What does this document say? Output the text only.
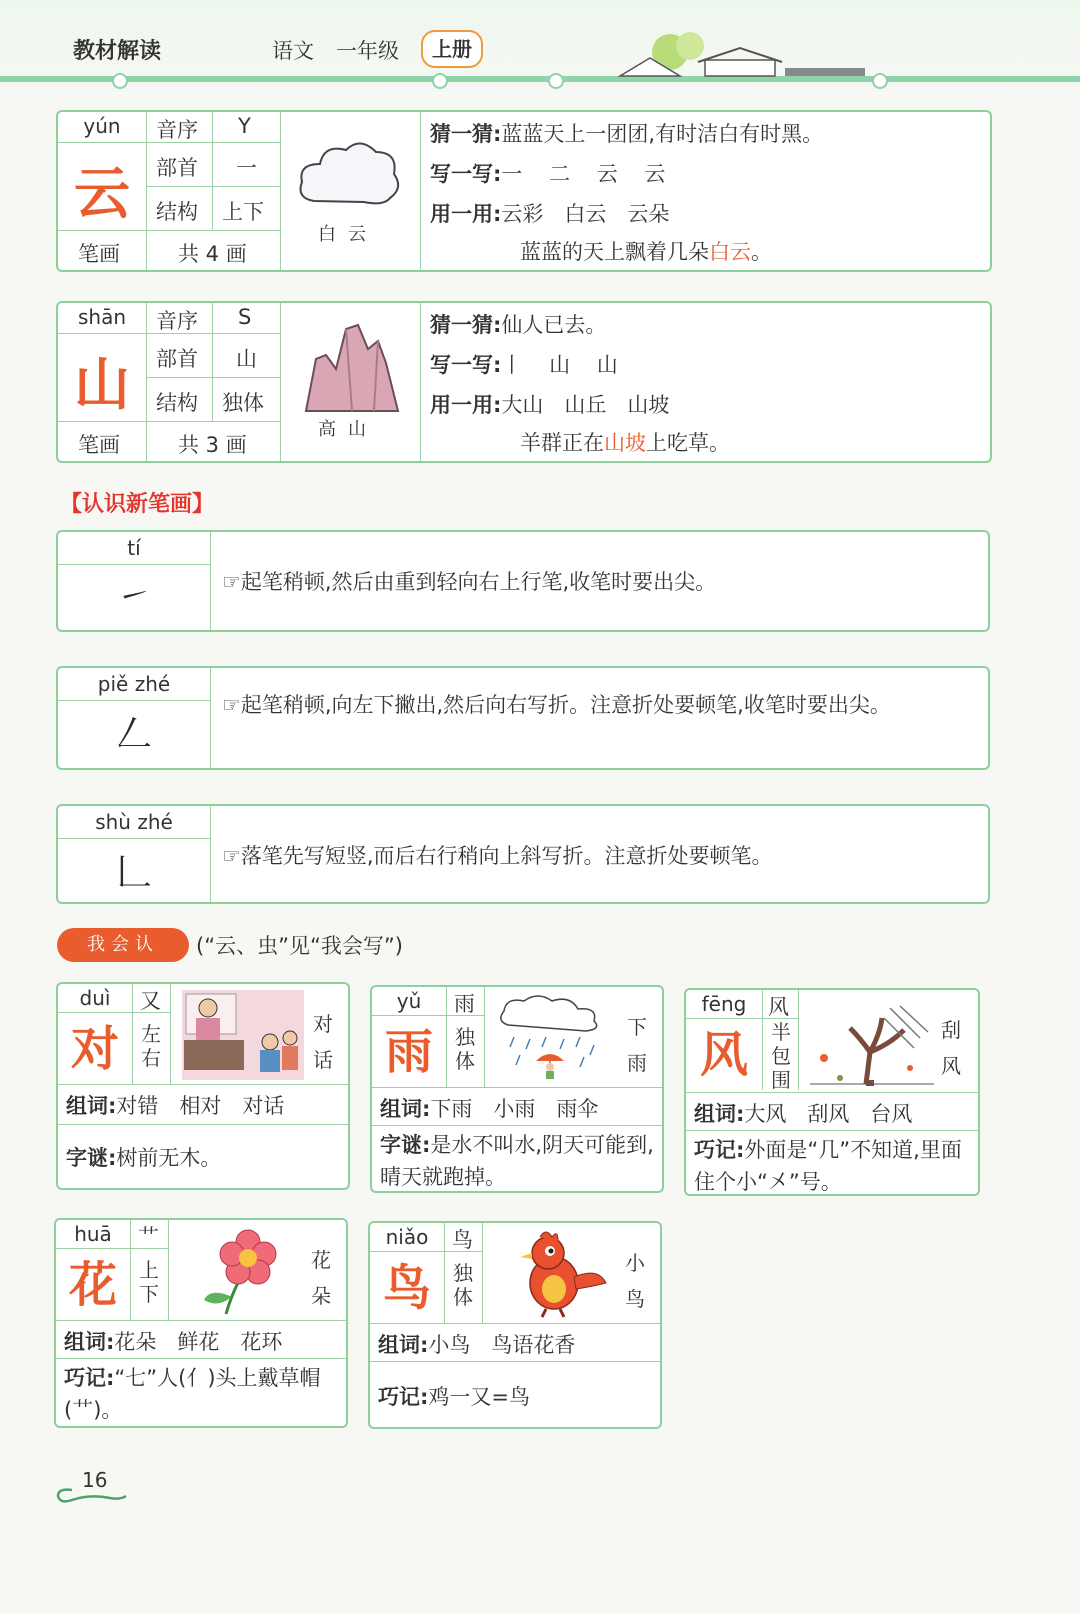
教材解读	语文 一年级	上册
yún
云
音序 Y
部首 一
结构 上下
笔画	共 4 画
白云
猜一猜:蓝蓝天上一团团,有时洁白有时黑。
写一写:一 二 云 云
用一用:云彩　白云　云朵
蓝蓝的天上飘着几朵白云。
shān
山
音序 S
部首 山
结构 独体
笔画	共 3 画
高山
猜一猜:仙人已去。
写一写:丨 山 山
用一用:大山　山丘　山坡
羊群正在山坡上吃草。
【认识新笔画】
tí
㇀	☞起笔稍顿,然后由重到轻向右上行笔,收笔时要出尖。
piě zhé
𠃋
☞起笔稍顿,向左下撇出,然后向右写折。注意折处要顿笔,收笔时要出尖。
shù zhé
𠃊	☞落笔先写短竖,而后右行稍向上斜写折。注意折处要顿笔。
我会认	(“云、虫”见“我会写”)
duì	又
对	左右
对话
组词:对错　相对　对话
字谜:树前无木。
yǔ	雨
雨	独体
下雨
组词:下雨　小雨　雨伞
字谜:是水不叫水,阴天可能到,晴天就跑掉。
fēng	风
风	半包围
刮风
组词:大风　刮风　台风
巧记:外面是“几”不知道,里面住个小“㐅”号。
huā	艹
花	上下
花朵
组词:花朵　鲜花　花环
巧记:“七”人(亻)头上戴草帽(艹)。
niǎo	鸟
鸟	独体
小鸟
组词:小鸟　鸟语花香
巧记:鸡一又=鸟
16
